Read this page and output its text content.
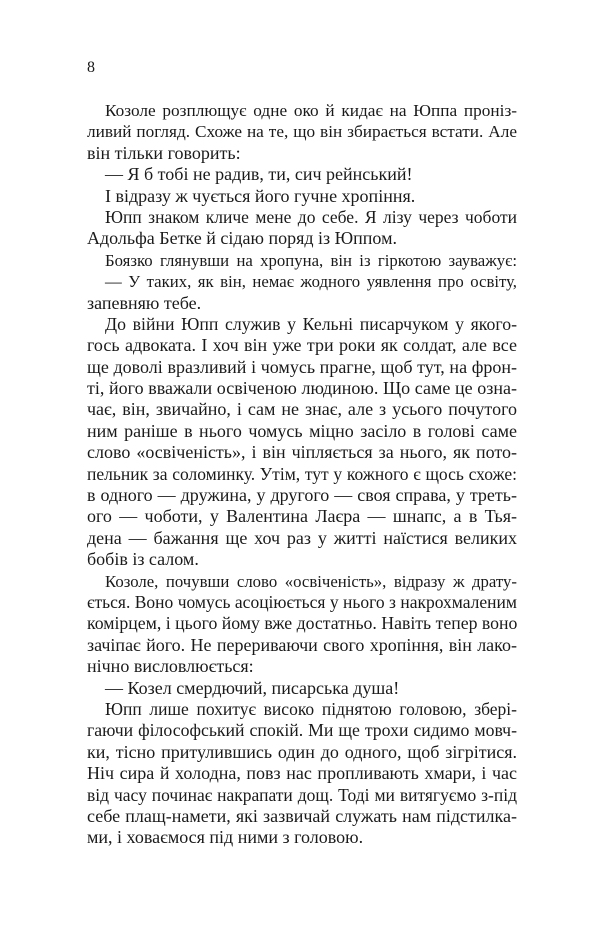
8
Козоле розплющує одне око й кидає на Юппа проніз-
ливий погляд. Схоже на те, що він збирається встати. Але
він тільки говорить:
— Я б тобі не радив, ти, сич рейнський!
І відразу ж чується його гучне хропіння.
Юпп знаком кличе мене до себе. Я лізу через чоботи
Адольфа Бетке й сідаю поряд із Юппом.
Боязко глянувши на хропуна, він із гіркотою зауважує:
— У таких, як він, немає жодного уявлення про освіту,
запевняю тебе.
До війни Юпп служив у Кельні писарчуком у якого-
гось адвоката. І хоч він уже три роки як солдат, але все
ще доволі вразливий і чомусь прагне, щоб тут, на фрон-
ті, його вважали освіченою людиною. Що саме це озна-
чає, він, звичайно, і сам не знає, але з усього почутого
ним раніше в нього чомусь міцно засіло в голові саме
слово «освіченість», і він чіпляється за нього, як пото-
пельник за соломинку. Утім, тут у кожного є щось схоже:
в одного — дружина, у другого — своя справа, у треть-
ого — чоботи, у Валентина Лаєра — шнапс, а в Тья-
дена — бажання ще хоч раз у житті наїстися великих
бобів із салом.
Козоле, почувши слово «освіченість», відразу ж драту-
ється. Воно чомусь асоціюється у нього з накрохмаленим
комірцем, і цього йому вже достатньо. Навіть тепер воно
зачіпає його. Не перериваючи свого хропіння, він лако-
нічно висловлюється:
— Козел смердючий, писарська душа!
Юпп лише похитує високо піднятою головою, збері-
гаючи філософський спокій. Ми ще трохи сидимо мовч-
ки, тісно притулившись один до одного, щоб зігрітися.
Ніч сира й холодна, повз нас пропливають хмари, і час
від часу починає накрапати дощ. Тоді ми витягуємо з-під
себе плащ-намети, які зазвичай служать нам підстилка-
ми, і ховаємося під ними з головою.
